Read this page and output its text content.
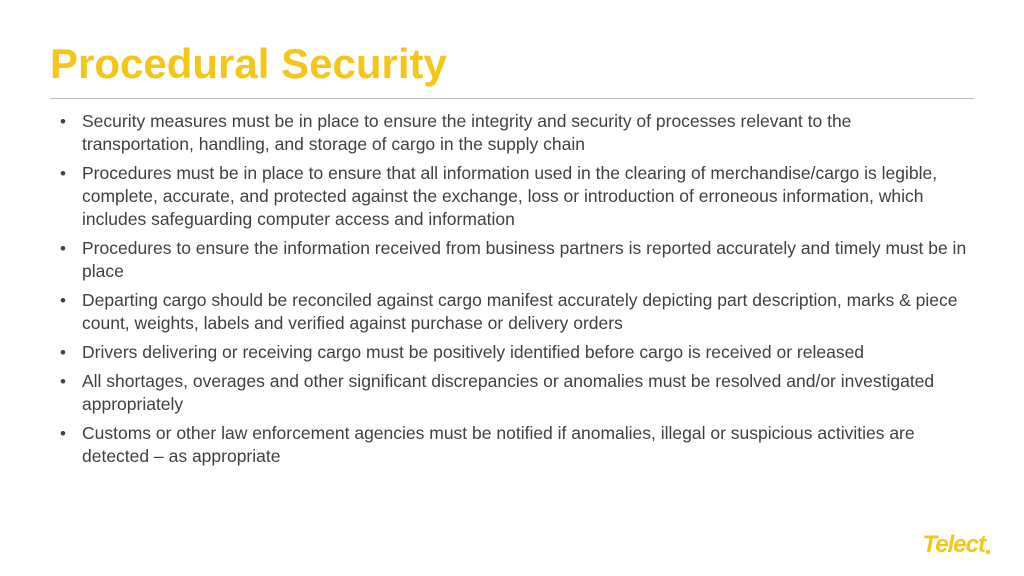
Procedural Security
• Security measures must be in place to ensure the integrity and security of processes relevant to the transportation, handling, and storage of cargo in the supply chain
• Procedures must be in place to ensure that all information used in the clearing of merchandise/cargo is legible, complete, accurate, and protected against the exchange, loss or introduction of erroneous information, which includes safeguarding computer access and information
• Procedures to ensure the information received from business partners is reported accurately and timely must be in place
• Departing cargo should be reconciled against cargo manifest accurately depicting part description, marks & piece count, weights, labels and verified against purchase or delivery orders
• Drivers delivering or receiving cargo must be positively identified before cargo is received or released
• All shortages, overages and other significant discrepancies or anomalies must be resolved and/or investigated appropriately
• Customs or other law enforcement agencies must be notified if anomalies, illegal or suspicious activities are detected – as appropriate
Telect
